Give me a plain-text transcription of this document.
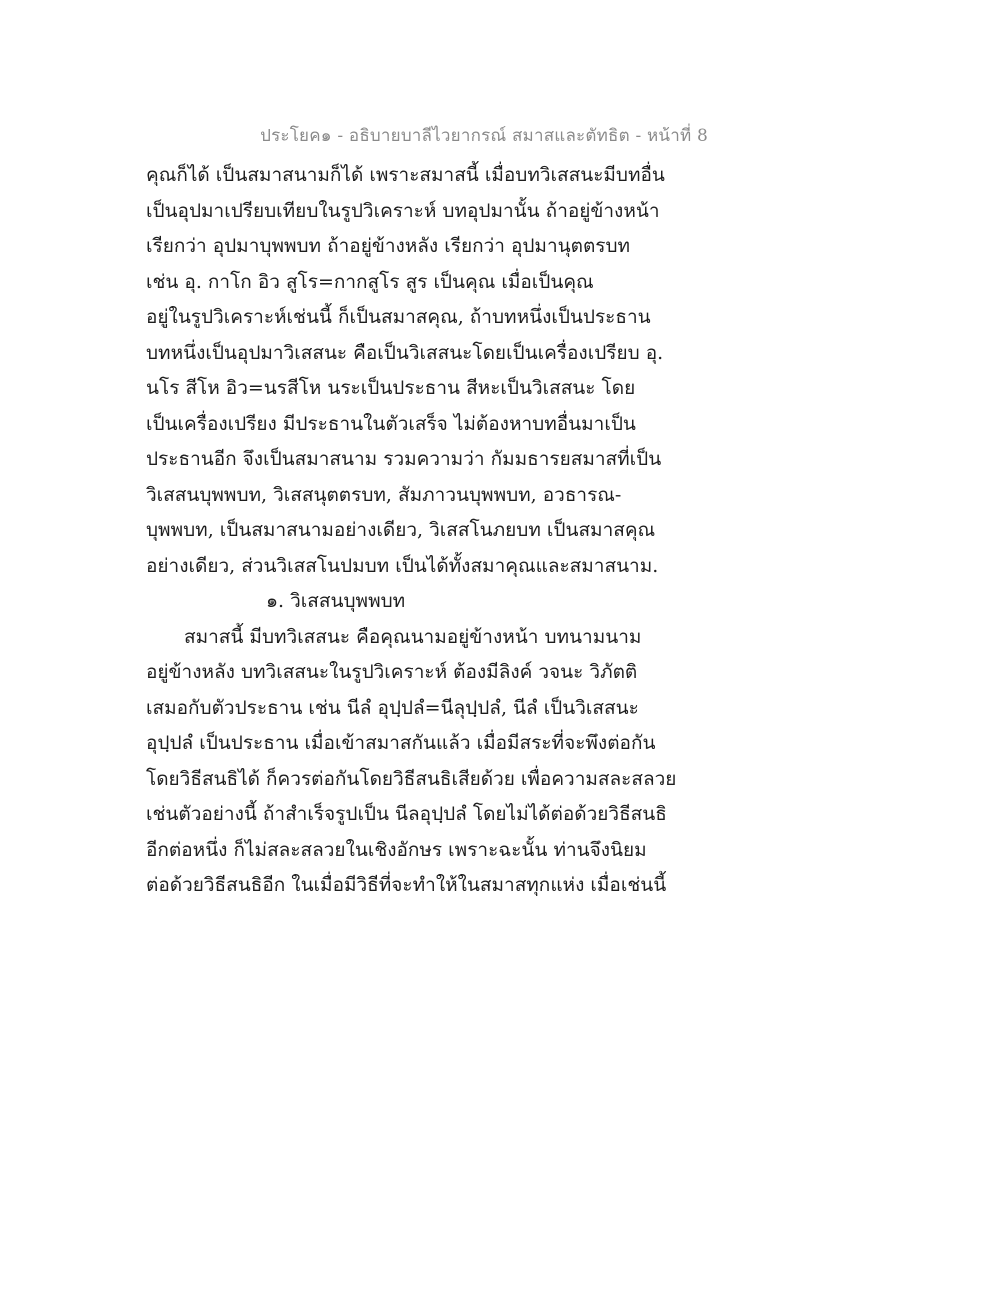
ประโยค๑ - อธิบายบาลีไวยากรณ์ สมาสและตัทธิต - หน้าที่ 8
คุณก็ได้ เป็นสมาสนามก็ได้ เพราะสมาสนี้ เมื่อบทวิเสสนะมีบทอื่น
เป็นอุปมาเปรียบเทียบในรูปวิเคราะห์ บทอุปมานั้น ถ้าอยู่ข้างหน้า
เรียกว่า อุปมาบุพพบท ถ้าอยู่ข้างหลัง เรียกว่า อุปมานุตตรบท
เช่น อุ. กาโก อิว สูโร=กากสูโร สูร เป็นคุณ เมื่อเป็นคุณ
อยู่ในรูปวิเคราะห์เช่นนี้ ก็เป็นสมาสคุณ, ถ้าบทหนึ่งเป็นประธาน
บทหนึ่งเป็นอุปมาวิเสสนะ คือเป็นวิเสสนะโดยเป็นเครื่องเปรียบ อุ.
นโร สีโห อิว=นรสีโห นระเป็นประธาน สีหะเป็นวิเสสนะ โดย
เป็นเครื่องเปรียง มีประธานในตัวเสร็จ ไม่ต้องหาบทอื่นมาเป็น
ประธานอีก จึงเป็นสมาสนาม รวมความว่า กัมมธารยสมาสที่เป็น
วิเสสนบุพพบท, วิเสสนุตตรบท, สัมภาวนบุพพบท, อวธารณ-
บุพพบท, เป็นสมาสนามอย่างเดียว, วิเสสโนภยบท เป็นสมาสคุณ
อย่างเดียว, ส่วนวิเสสโนปมบท เป็นได้ทั้งสมาคุณและสมาสนาม.
๑. วิเสสนบุพพบท
สมาสนี้ มีบทวิเสสนะ คือคุณนามอยู่ข้างหน้า บทนามนาม
อยู่ข้างหลัง บทวิเสสนะในรูปวิเคราะห์ ต้องมีลิงค์ วจนะ วิภัตติ
เสมอกับตัวประธาน เช่น นีลํ อุปฺปลํ=นีลุปฺปลํ, นีลํ เป็นวิเสสนะ
อุปฺปลํ เป็นประธาน เมื่อเข้าสมาสกันแล้ว เมื่อมีสระที่จะพึงต่อกัน
โดยวิธีสนธิได้ ก็ควรต่อกันโดยวิธีสนธิเสียด้วย เพื่อความสละสลวย
เช่นตัวอย่างนี้ ถ้าสำเร็จรูปเป็น นีลอุปฺปลํ โดยไม่ได้ต่อด้วยวิธีสนธิ
อีกต่อหนึ่ง ก็ไม่สละสลวยในเชิงอักษร เพราะฉะนั้น ท่านจึงนิยม
ต่อด้วยวิธีสนธิอีก ในเมื่อมีวิธีที่จะทำให้ในสมาสทุกแห่ง เมื่อเช่นนี้
